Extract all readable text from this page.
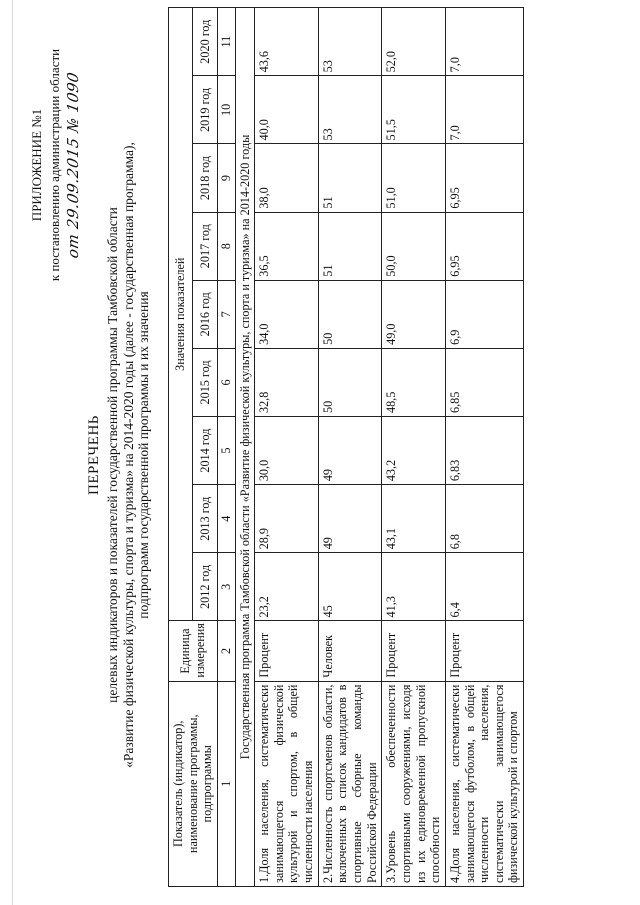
ПРИЛОЖЕНИЕ №1 к постановлению администрации области от 29.09.2015 № 1090
ПЕРЕЧЕНЬ целевых индикаторов и показателей государственной программы Тамбовской области «Развитие физической культуры, спорта и туризма» на 2014-2020 годы (далее - государственная программа), подпрограмм государственной программы и их значения
Показатель (индикатор), наименование программы, подпрограммы	Единица измерения	Значения показателей								
		2012 год	2013 год	2014 год	2015 год	2016 год	2017 год	2018 год	2019 год	2020 год
1	2	3	4	5	6	7	8	9	10	11
Государственная программа Тамбовской области «Развитие физической культуры, спорта и туризма» на 2014-2020 годы										
1.Доля населения, систематически занимающегося физической культурой и спортом, в общей численности населения	Процент	23,2	28,9	30,0	32,8	34,0	36,5	38,0	40,0	43,6
2.Численность спортсменов области, включенных в список кандидатов в спортивные сборные команды Российской Федерации	Человек	45	49	49	50	50	51	51	53	53
3.Уровень обеспеченности спортивными сооружениями, исходя из их единовременной пропускной способности	Процент	41,3	43,1	43,2	48,5	49,0	50,0	51,0	51,5	52,0
4.Доля населения, систематически занимающегося футболом, в общей численности населения, систематически занимающегося физической культурой и спортом	Процент	6,4	6,8	6,83	6,85	6,9	6,95	6,95	7,0	7,0
